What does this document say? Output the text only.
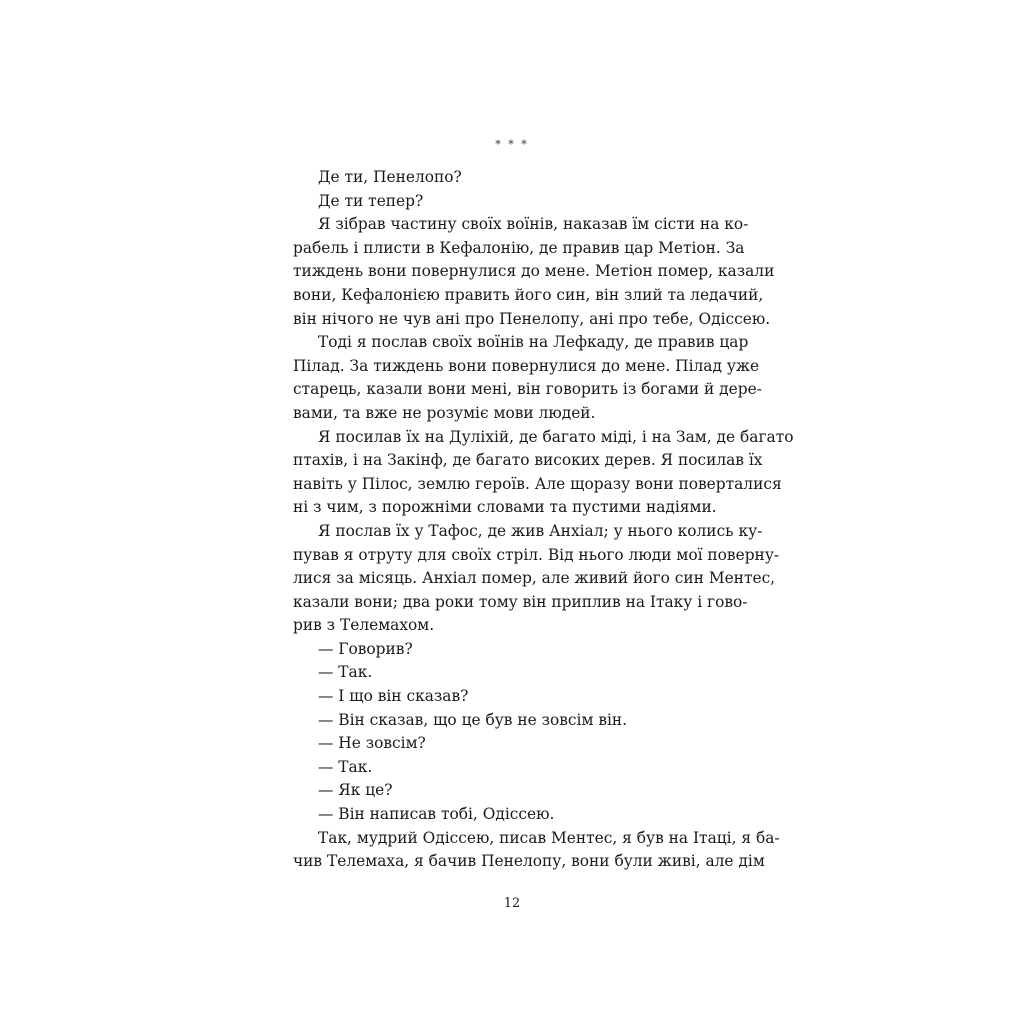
* * *
Де ти, Пенелопо?
Де ти тепер?
Я зібрав частину своїх воїнів, наказав їм сісти на ко-
рабель і плисти в Кефалонію, де правив цар Метіон. За
тиждень вони повернулися до мене. Метіон помер, казали
вони, Кефалонією править його син, він злий та ледачий,
він нічого не чув ані про Пенелопу, ані про тебе, Одіссею.
Тоді я послав своїх воїнів на Лефкаду, де правив цар
Пілад. За тиждень вони повернулися до мене. Пілад уже
старець, казали вони мені, він говорить із богами й дере-
вами, та вже не розуміє мови людей.
Я посилав їх на Дуліхій, де багато міді, і на Зам, де багато
птахів, і на Закінф, де багато високих дерев. Я посилав їх
навіть у Пілос, землю героїв. Але щоразу вони поверталися
ні з чим, з порожніми словами та пустими надіями.
Я послав їх у Тафос, де жив Анхіал; у нього колись ку-
пував я отруту для своїх стріл. Від нього люди мої поверну-
лися за місяць. Анхіал помер, але живий його син Ментес,
казали вони; два роки тому він приплив на Ітаку і гово-
рив з Телемахом.
— Говорив?
— Так.
— І що він сказав?
— Він сказав, що це був не зовсім він.
— Не зовсім?
— Так.
— Як це?
— Він написав тобі, Одіссею.
Так, мудрий Одіссею, писав Ментес, я був на Ітаці, я ба-
чив Телемаха, я бачив Пенелопу, вони були живі, але дім
12
